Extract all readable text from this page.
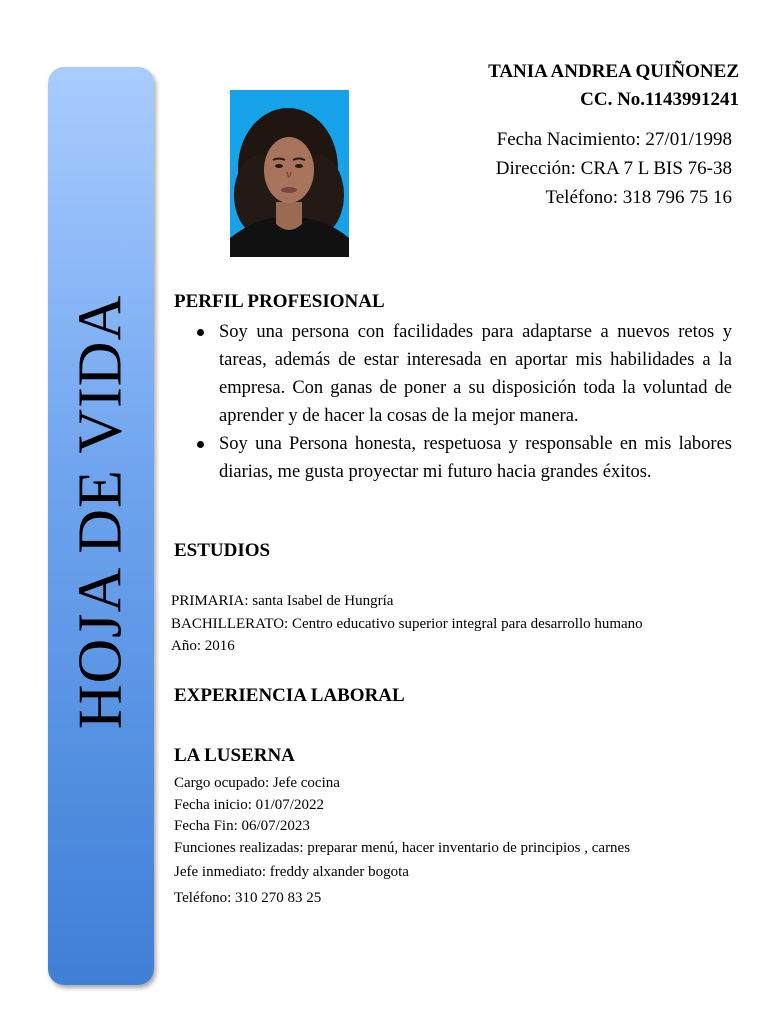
HOJA DE VIDA
TANIA ANDREA QUIÑONEZ
CC. No.1143991241
Fecha Nacimiento: 27/01/1998
Dirección: CRA 7 L BIS 76-38
Teléfono: 318 796 75 16
PERFIL PROFESIONAL
Soy una persona con facilidades para adaptarse a nuevos retos y tareas, además de estar interesada en aportar mis habilidades a la empresa. Con ganas de poner a su disposición toda la voluntad de aprender y de hacer la cosas de la mejor manera.
Soy una Persona honesta, respetuosa y responsable en mis labores diarias, me gusta proyectar mi futuro hacia grandes éxitos.
ESTUDIOS
PRIMARIA: santa Isabel de Hungría
BACHILLERATO: Centro educativo superior integral para desarrollo humano
Año: 2016
EXPERIENCIA LABORAL
LA LUSERNA
Cargo ocupado: Jefe cocina
Fecha inicio: 01/07/2022
Fecha Fin: 06/07/2023
Funciones realizadas: preparar menú, hacer inventario de principios , carnes
Jefe inmediato: freddy alxander bogota
Teléfono: 310 270 83 25
